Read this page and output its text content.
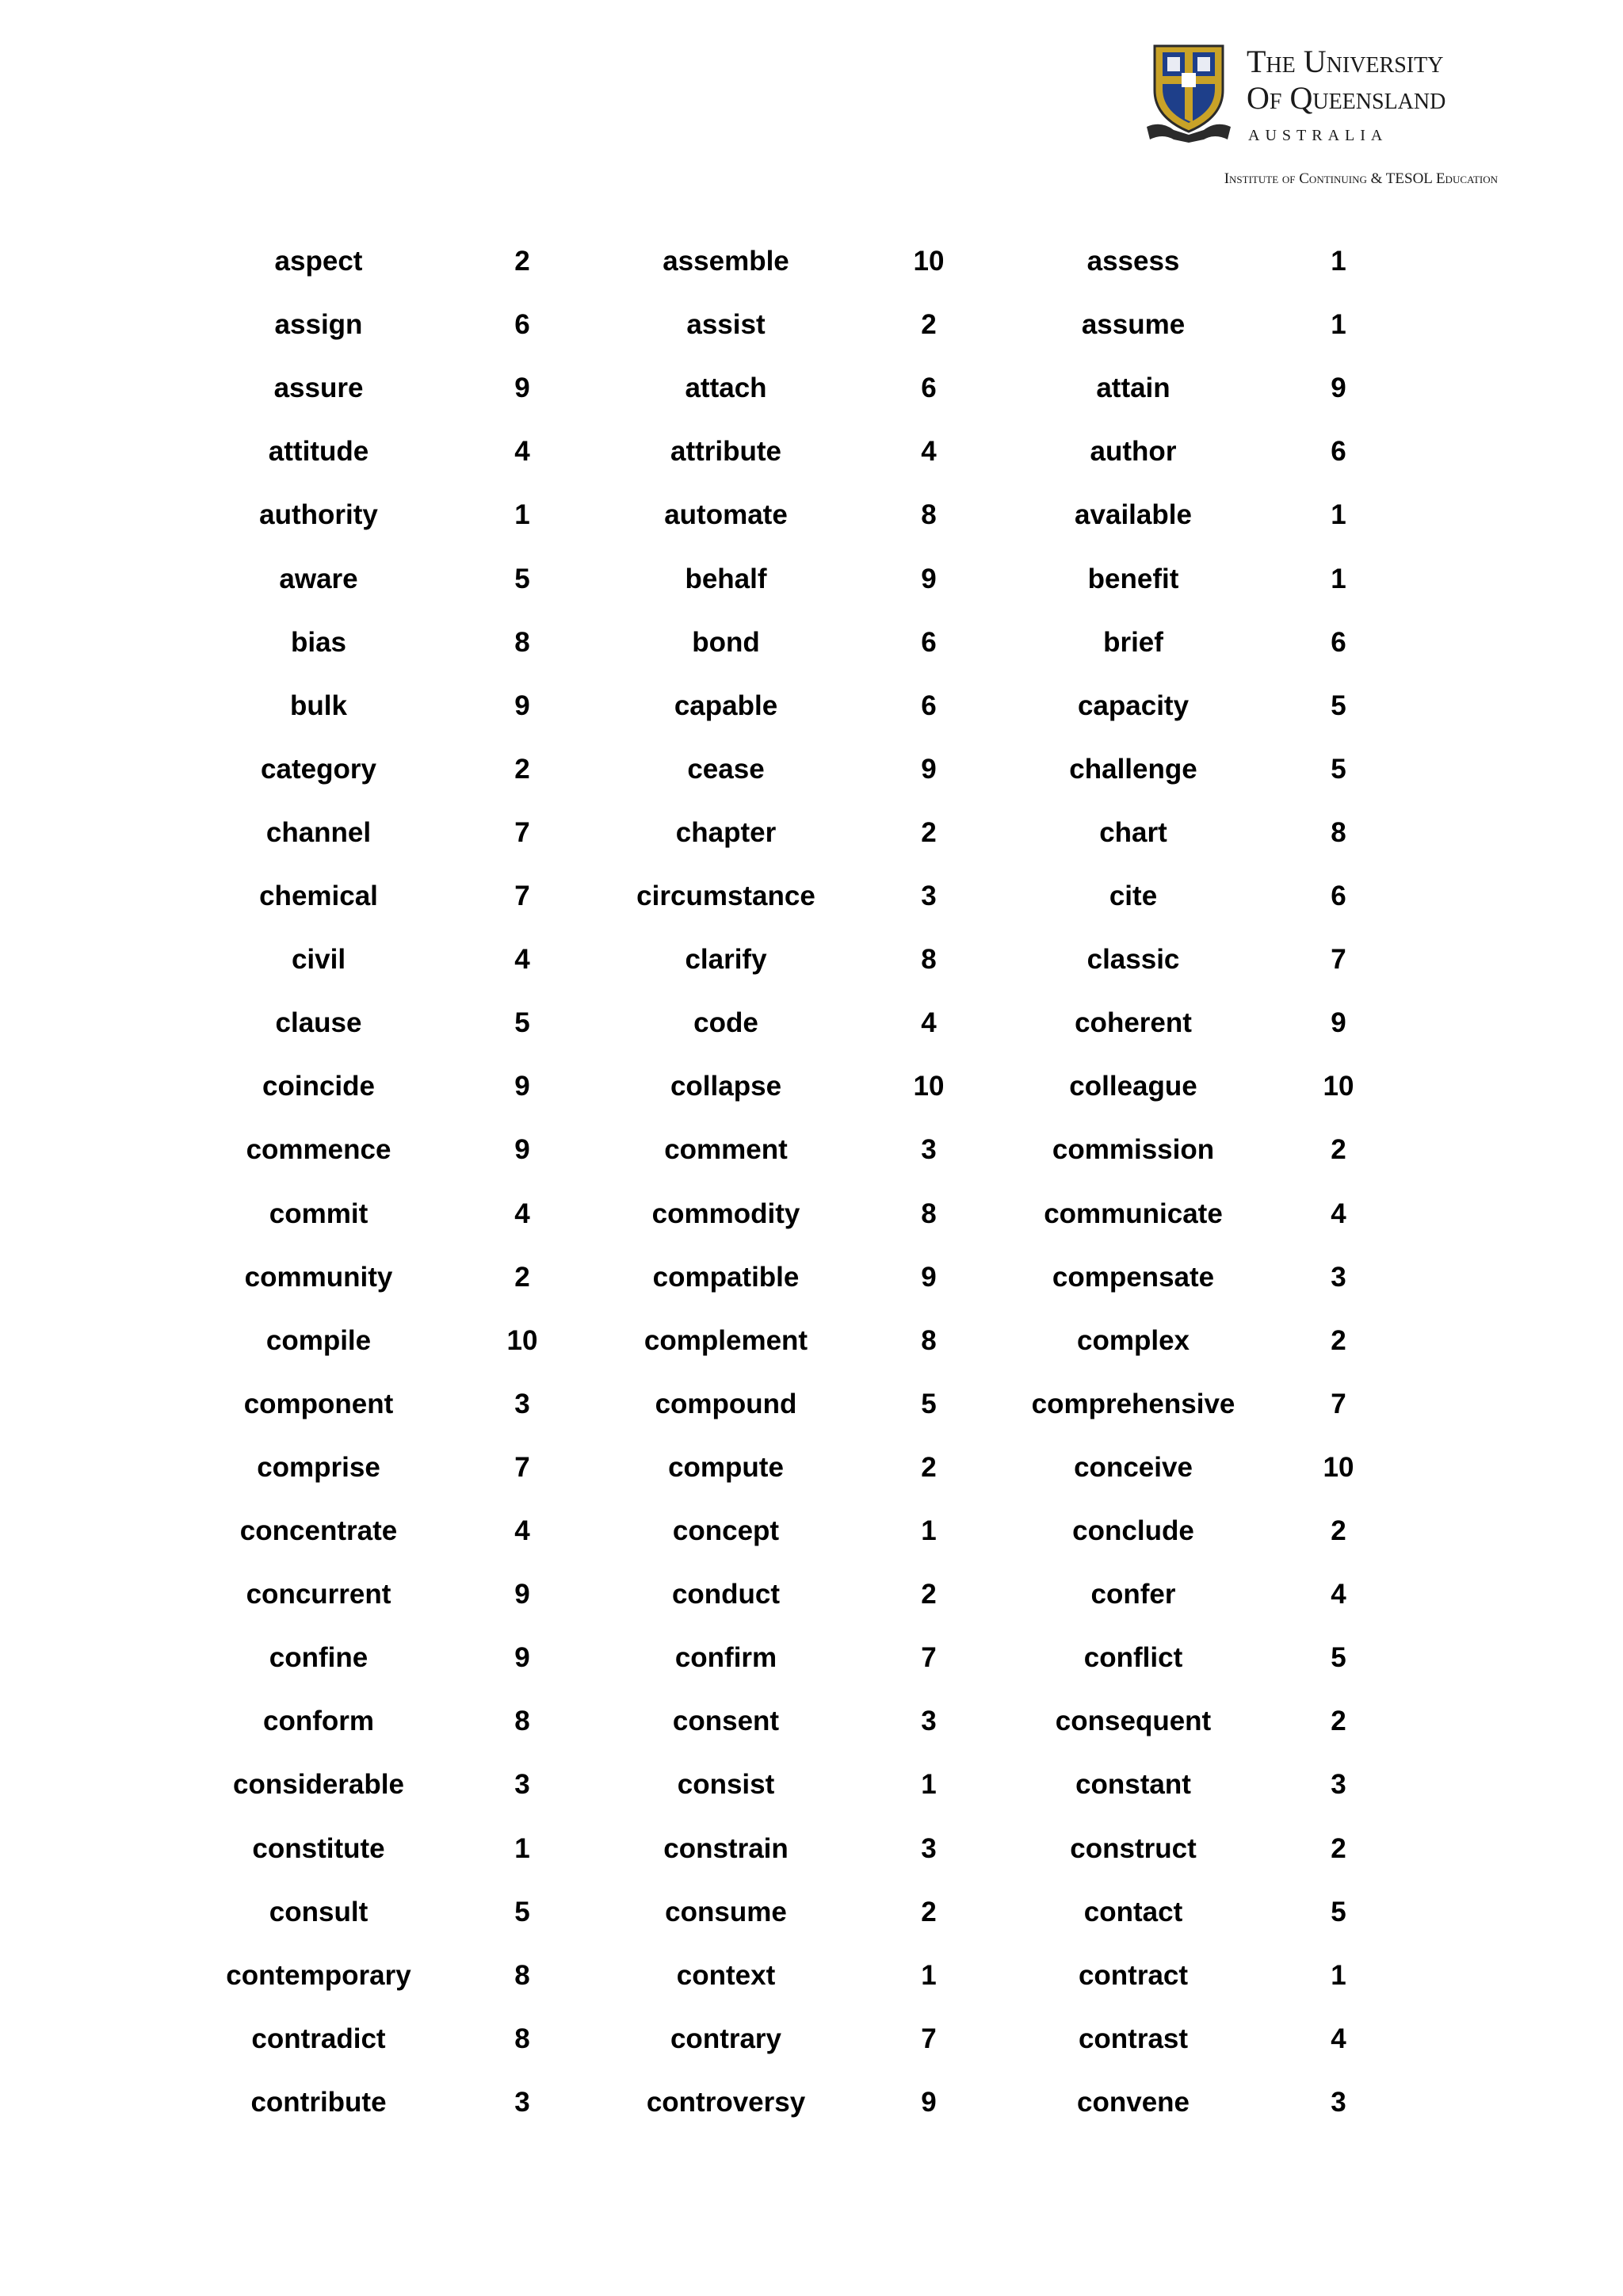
The University
Of Queensland
AUSTRALIA
Institute of Continuing & TESOL Education
aspect	2	assemble	10	assess	1
assign	6	assist	2	assume	1
assure	9	attach	6	attain	9
attitude	4	attribute	4	author	6
authority	1	automate	8	available	1
aware	5	behalf	9	benefit	1
bias	8	bond	6	brief	6
bulk	9	capable	6	capacity	5
category	2	cease	9	challenge	5
channel	7	chapter	2	chart	8
chemical	7	circumstance	3	cite	6
civil	4	clarify	8	classic	7
clause	5	code	4	coherent	9
coincide	9	collapse	10	colleague	10
commence	9	comment	3	commission	2
commit	4	commodity	8	communicate	4
community	2	compatible	9	compensate	3
compile	10	complement	8	complex	2
component	3	compound	5	comprehensive	7
comprise	7	compute	2	conceive	10
concentrate	4	concept	1	conclude	2
concurrent	9	conduct	2	confer	4
confine	9	confirm	7	conflict	5
conform	8	consent	3	consequent	2
considerable	3	consist	1	constant	3
constitute	1	constrain	3	construct	2
consult	5	consume	2	contact	5
contemporary	8	context	1	contract	1
contradict	8	contrary	7	contrast	4
contribute	3	controversy	9	convene	3
